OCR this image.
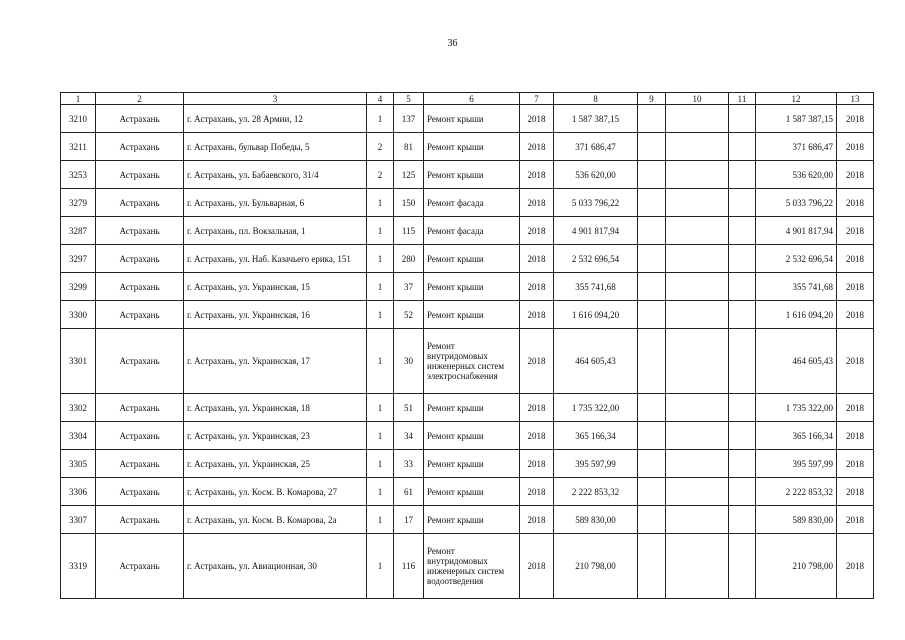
36
1	2	3	4	5	6	7	8	9	10	11	12	13
3210	Астрахань	г. Астрахань, ул. 28 Армии, 12	1	137	Ремонт крыши	2018	1 587 387,15				1 587 387,15	2018
3211	Астрахань	г. Астрахань, бульвар Победы, 5	2	81	Ремонт крыши	2018	371 686,47				371 686,47	2018
3253	Астрахань	г. Астрахань, ул. Бабаевского, 31/4	2	125	Ремонт крыши	2018	536 620,00				536 620,00	2018
3279	Астрахань	г. Астрахань, ул. Бульварная, 6	1	150	Ремонт фасада	2018	5 033 796,22				5 033 796,22	2018
3287	Астрахань	г. Астрахань, пл. Вокзальная, 1	1	115	Ремонт фасада	2018	4 901 817,94				4 901 817,94	2018
3297	Астрахань	г. Астрахань, ул. Наб. Казачьего ерика, 151	1	280	Ремонт крыши	2018	2 532 696,54				2 532 696,54	2018
3299	Астрахань	г. Астрахань, ул. Украинская, 15	1	37	Ремонт крыши	2018	355 741,68				355 741,68	2018
3300	Астрахань	г. Астрахань, ул. Украинская, 16	1	52	Ремонт крыши	2018	1 616 094,20				1 616 094,20	2018
3301	Астрахань	г. Астрахань, ул. Украинская, 17	1	30	Ремонт внутридомовых инженерных систем электроснабжения	2018	464 605,43				464 605,43	2018
3302	Астрахань	г. Астрахань, ул. Украинская, 18	1	51	Ремонт крыши	2018	1 735 322,00				1 735 322,00	2018
3304	Астрахань	г. Астрахань, ул. Украинская, 23	1	34	Ремонт крыши	2018	365 166,34				365 166,34	2018
3305	Астрахань	г. Астрахань, ул. Украинская, 25	1	33	Ремонт крыши	2018	395 597,99				395 597,99	2018
3306	Астрахань	г. Астрахань, ул. Косм. В. Комарова, 27	1	61	Ремонт крыши	2018	2 222 853,32				2 222 853,32	2018
3307	Астрахань	г. Астрахань, ул. Косм. В. Комарова, 2а	1	17	Ремонт крыши	2018	589 830,00				589 830,00	2018
3319	Астрахань	г. Астрахань, ул. Авиационная, 30	1	116	Ремонт внутридомовых инженерных систем водоотведения	2018	210 798,00				210 798,00	2018
